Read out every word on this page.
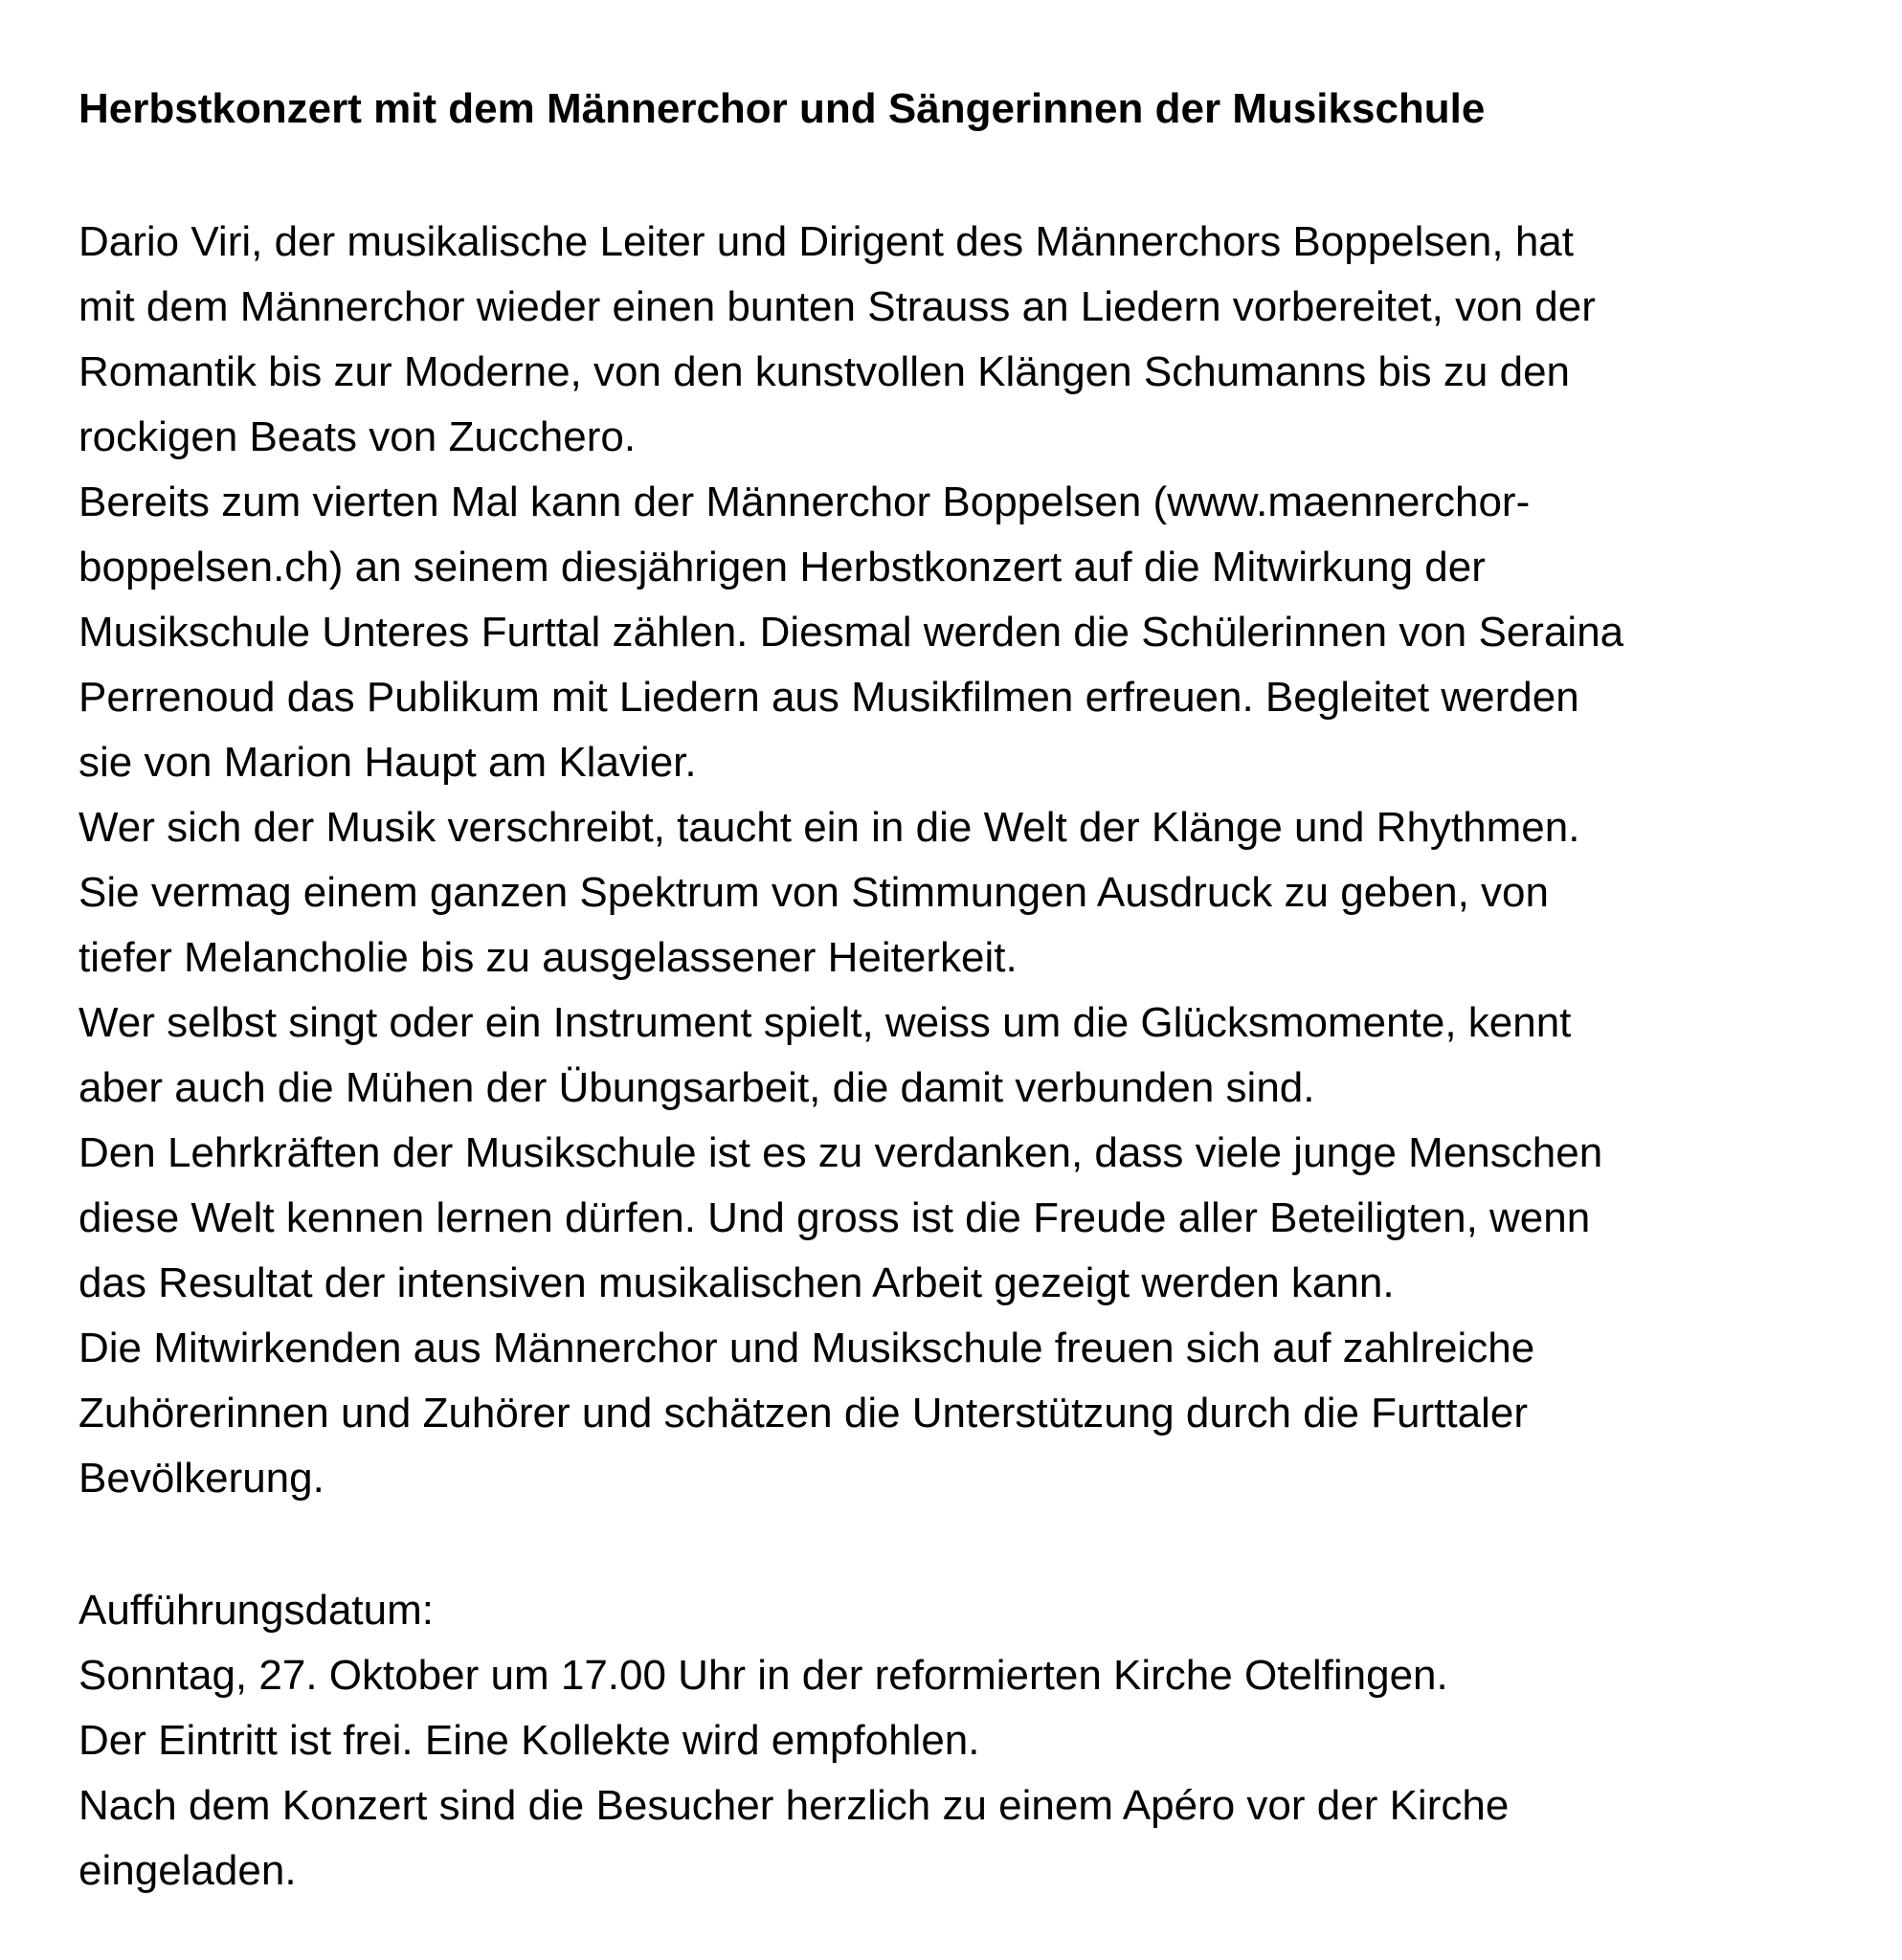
Herbstkonzert mit dem Männerchor und Sängerinnen der Musikschule

Dario Viri, der musikalische Leiter und Dirigent des Männerchors Boppelsen, hat
mit dem Männerchor wieder einen bunten Strauss an Liedern vorbereitet, von der
Romantik bis zur Moderne, von den kunstvollen Klängen Schumanns bis zu den
rockigen Beats von Zucchero.

Bereits zum vierten Mal kann der Männerchor Boppelsen (www.maennerchor-
boppelsen.ch) an seinem diesjährigen Herbstkonzert auf die Mitwirkung der
Musikschule Unteres Furttal zählen. Diesmal werden die Schülerinnen von Seraina
Perrenoud das Publikum mit Liedern aus Musikfilmen erfreuen. Begleitet werden
sie von Marion Haupt am Klavier.

Wer sich der Musik verschreibt, taucht ein in die Welt der Klänge und Rhythmen.
Sie vermag einem ganzen Spektrum von Stimmungen Ausdruck zu geben, von
tiefer Melancholie bis zu ausgelassener Heiterkeit.

Wer selbst singt oder ein Instrument spielt, weiss um die Glücksmomente, kennt
aber auch die Mühen der Übungsarbeit, die damit verbunden sind.

Den Lehrkräften der Musikschule ist es zu verdanken, dass viele junge Menschen
diese Welt kennen lernen dürfen. Und gross ist die Freude aller Beteiligten, wenn
das Resultat der intensiven musikalischen Arbeit gezeigt werden kann.

Die Mitwirkenden aus Männerchor und Musikschule freuen sich auf zahlreiche
Zuhörerinnen und Zuhörer und schätzen die Unterstützung durch die Furttaler
Bevölkerung.

Aufführungsdatum:
Sonntag, 27. Oktober um 17.00 Uhr in der reformierten Kirche Otelfingen.
Der Eintritt ist frei. Eine Kollekte wird empfohlen.
Nach dem Konzert sind die Besucher herzlich zu einem Apéro vor der Kirche
eingeladen.
